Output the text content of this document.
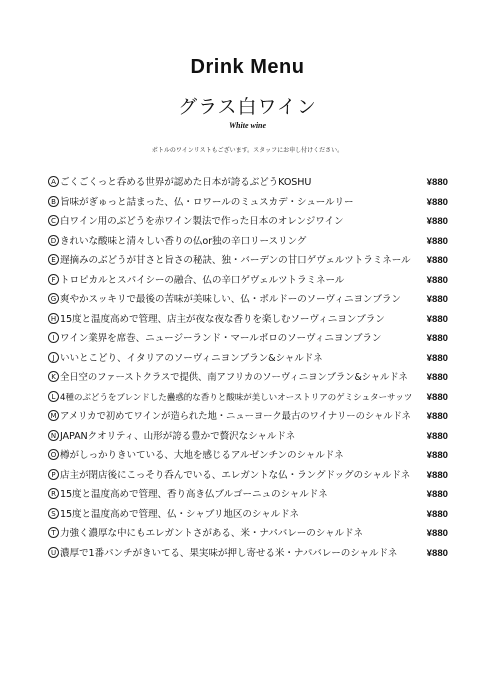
Drink Menu
グラス白ワイン
White wine
ボトルのワインリストもございます。スタッフにお申し付けください。
A ごくごくっと呑める世界が認めた日本が誇るぶどうKOSHU	¥880
B 旨味がぎゅっと詰まった、仏・ロワールのミュスカデ・シュールリー	¥880
C 白ワイン用のぶどうを赤ワイン製法で作った日本のオレンジワイン	¥880
D きれいな酸味と清々しい香りの仏or独の辛口リースリング	¥880
E 遅摘みのぶどうが甘さと旨さの秘訣、独・バーデンの甘口ゲヴェルツトラミネール ¥880
F トロピカルとスパイシーの融合、仏の辛口ゲヴェルツトラミネール	¥880
G 爽やかスッキリで最後の苦味が美味しい、仏・ボルドーのソーヴィニヨンブラン	¥880
H 15度と温度高めで管理、店主が夜な夜な香りを楽しむソーヴィニヨンブラン	¥880
I ワイン業界を席巻、ニュージーランド・マールボロのソーヴィニヨンブラン	¥880
J いいとこどり、イタリアのソーヴィニヨンブラン&シャルドネ	¥880
K 全日空のファーストクラスで提供、南アフリカのソーヴィニヨンブラン&シャルドネ ¥880
L 4種のぶどうをブレンドした蠱惑的な香りと酸味が美しいオーストリアのゲミシュターサッツ ¥880
M アメリカで初めてワインが造られた地・ニューヨーク最古のワイナリーのシャルドネ ¥880
N JAPANクオリティ、山形が誇る豊かで贅沢なシャルドネ	¥880
O 樽がしっかりきいている、大地を感じるアルゼンチンのシャルドネ	¥880
P 店主が閉店後にこっそり呑んでいる、エレガントな仏・ラングドッグのシャルドネ ¥880
R 15度と温度高めで管理、香り高き仏ブルゴーニュのシャルドネ	¥880
S 15度と温度高めで管理、仏・シャブリ地区のシャルドネ	¥880
T 力強く濃厚な中にもエレガントさがある、米・ナパバレーのシャルドネ	¥880
U 濃厚で1番パンチがきいてる、果実味が押し寄せる米・ナパバレーのシャルドネ	¥880
